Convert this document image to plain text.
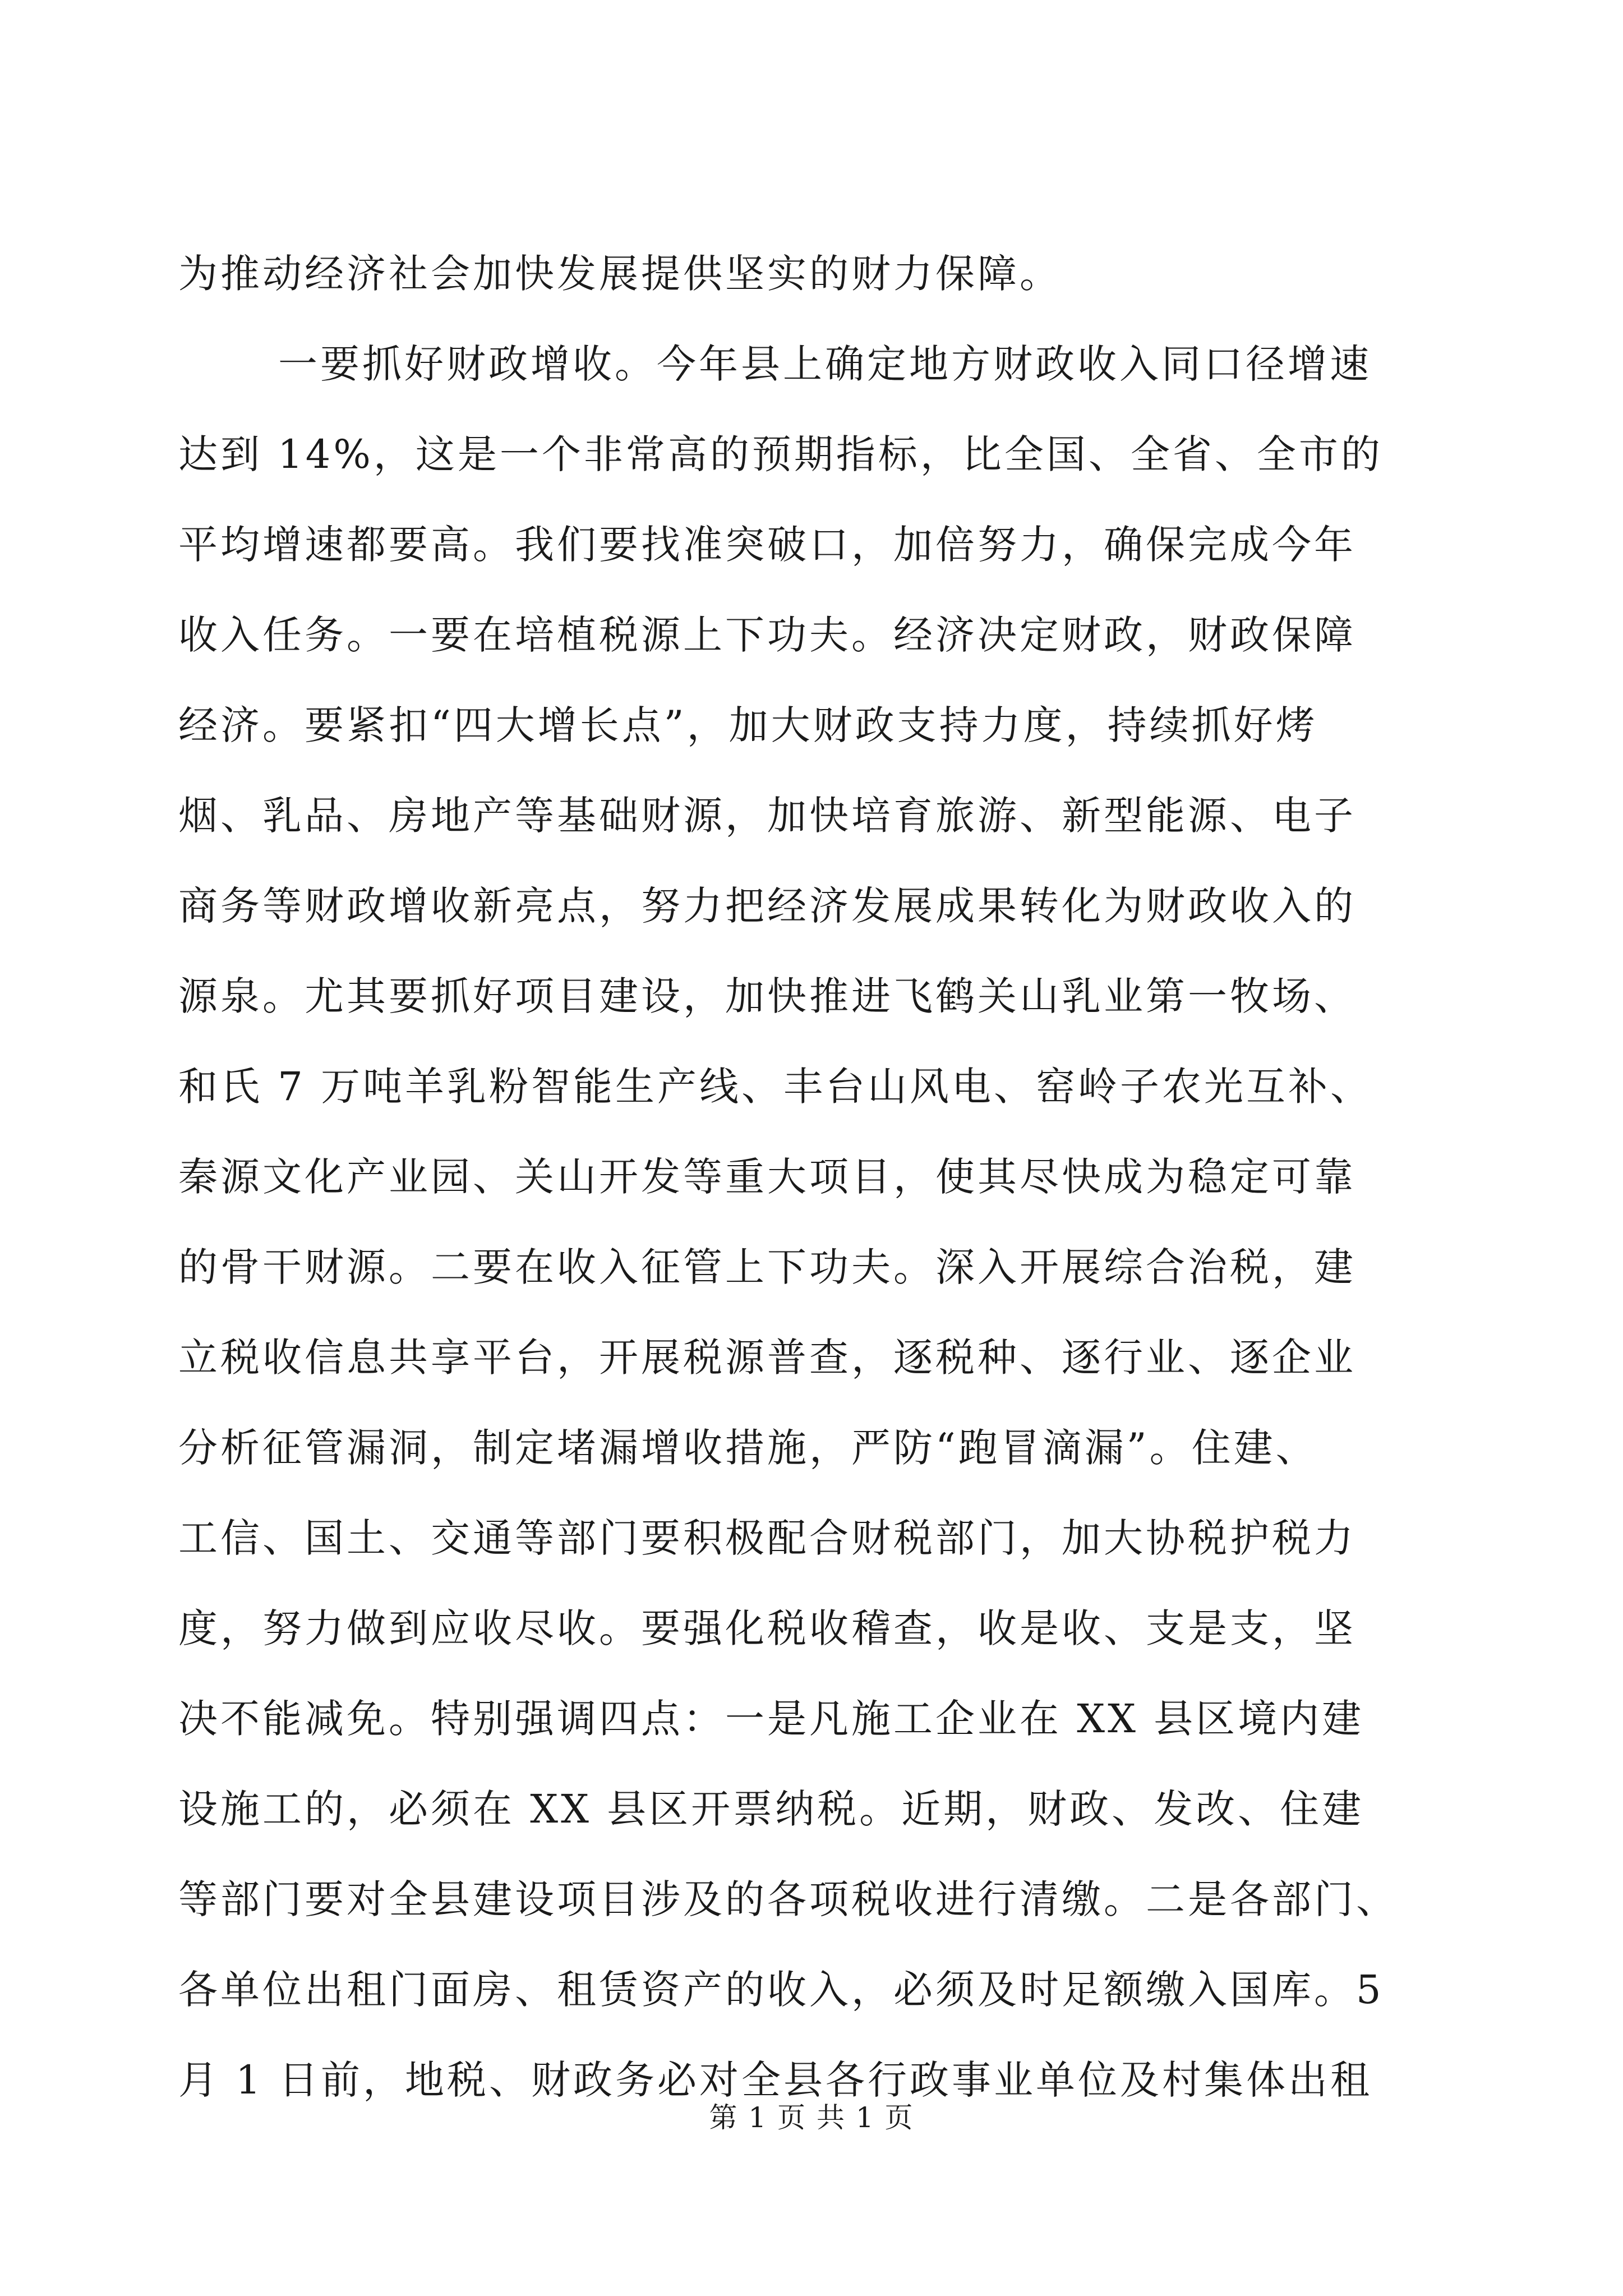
为推动经济社会加快发展提供坚实的财力保障。
一要抓好财政增收。今年县上确定地方财政收入同口径增速
达到 14%，这是一个非常高的预期指标，比全国、全省、全市的
平均增速都要高。我们要找准突破口，加倍努力，确保完成今年
收入任务。一要在培植税源上下功夫。经济决定财政，财政保障
经济。要紧扣“四大增长点”，加大财政支持力度，持续抓好烤
烟、乳品、房地产等基础财源，加快培育旅游、新型能源、电子
商务等财政增收新亮点，努力把经济发展成果转化为财政收入的
源泉。尤其要抓好项目建设，加快推进飞鹤关山乳业第一牧场、
和氏 7 万吨羊乳粉智能生产线、丰台山风电、窑岭子农光互补、
秦源文化产业园、关山开发等重大项目，使其尽快成为稳定可靠
的骨干财源。二要在收入征管上下功夫。深入开展综合治税，建
立税收信息共享平台，开展税源普查，逐税种、逐行业、逐企业
分析征管漏洞，制定堵漏增收措施，严防“跑冒滴漏”。住建、
工信、国土、交通等部门要积极配合财税部门，加大协税护税力
度，努力做到应收尽收。要强化税收稽查，收是收、支是支，坚
决不能减免。特别强调四点：一是凡施工企业在 XX 县区境内建
设施工的，必须在 XX 县区开票纳税。近期，财政、发改、住建
等部门要对全县建设项目涉及的各项税收进行清缴。二是各部门、
各单位出租门面房、租赁资产的收入，必须及时足额缴入国库。5
月 1 日前，地税、财政务必对全县各行政事业单位及村集体出租
第 1 页 共 1 页
